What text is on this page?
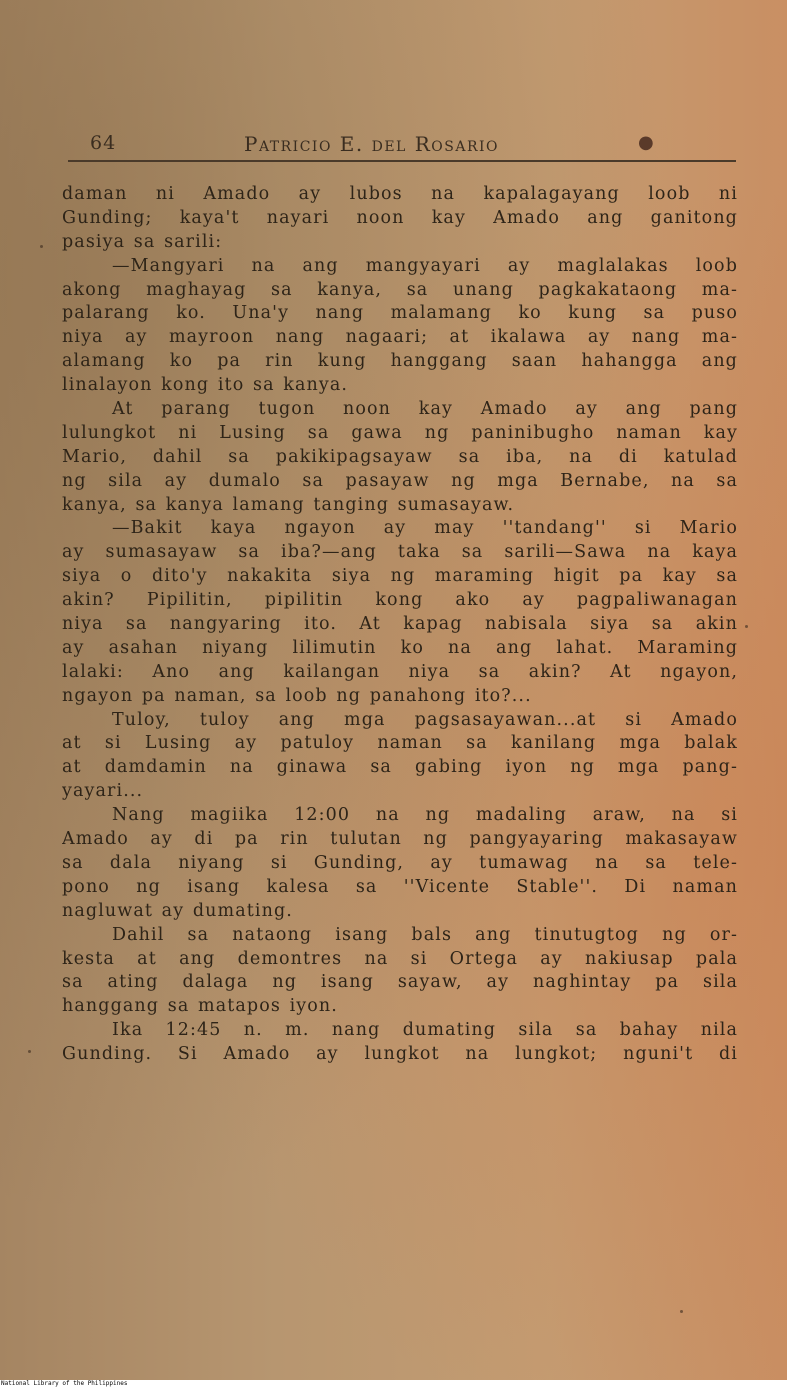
64	Patricio E. del Rosario	●
daman ni Amado ay lubos na kapalagayang loob ni
Gunding; kaya't nayari noon kay Amado ang ganitong
pasiya sa sarili:
—Mangyari na ang mangyayari ay maglalakas loob
akong maghayag sa kanya, sa unang pagkakataong ma-
palarang ko. Una'y nang malamang ko kung sa puso
niya ay mayroon nang nagaari; at ikalawa ay nang ma-
alamang ko pa rin kung hanggang saan hahangga ang
linalayon kong ito sa kanya.
At parang tugon noon kay Amado ay ang pang
lulungkot ni Lusing sa gawa ng paninibugho naman kay
Mario, dahil sa pakikipagsayaw sa iba, na di katulad
ng sila ay dumalo sa pasayaw ng mga Bernabe, na sa
kanya, sa kanya lamang tanging sumasayaw.
—Bakit kaya ngayon ay may ''tandang'' si Mario
ay sumasayaw sa iba?—ang taka sa sarili—Sawa na kaya
siya o dito'y nakakita siya ng maraming higit pa kay sa
akin? Pipilitin, pipilitin kong ako ay pagpaliwanagan
niya sa nangyaring ito. At kapag nabisala siya sa akin
ay asahan niyang lilimutin ko na ang lahat. Maraming
lalaki: Ano ang kailangan niya sa akin? At ngayon,
ngayon pa naman, sa loob ng panahong ito?...
Tuloy, tuloy ang mga pagsasayawan...at si Amado
at si Lusing ay patuloy naman sa kanilang mga balak
at damdamin na ginawa sa gabing iyon ng mga pang-
yayari...
Nang magiika 12:00 na ng madaling araw, na si
Amado ay di pa rin tulutan ng pangyayaring makasayaw
sa dala niyang si Gunding, ay tumawag na sa tele-
pono ng isang kalesa sa ''Vicente Stable''. Di naman
nagluwat ay dumating.
Dahil sa nataong isang bals ang tinutugtog ng or-
kesta at ang demontres na si Ortega ay nakiusap pala
sa ating dalaga ng isang sayaw, ay naghintay pa sila
hanggang sa matapos iyon.
Ika 12:45 n. m. nang dumating sila sa bahay nila
Gunding. Si Amado ay lungkot na lungkot; nguni't di
National Library of the Philippines
